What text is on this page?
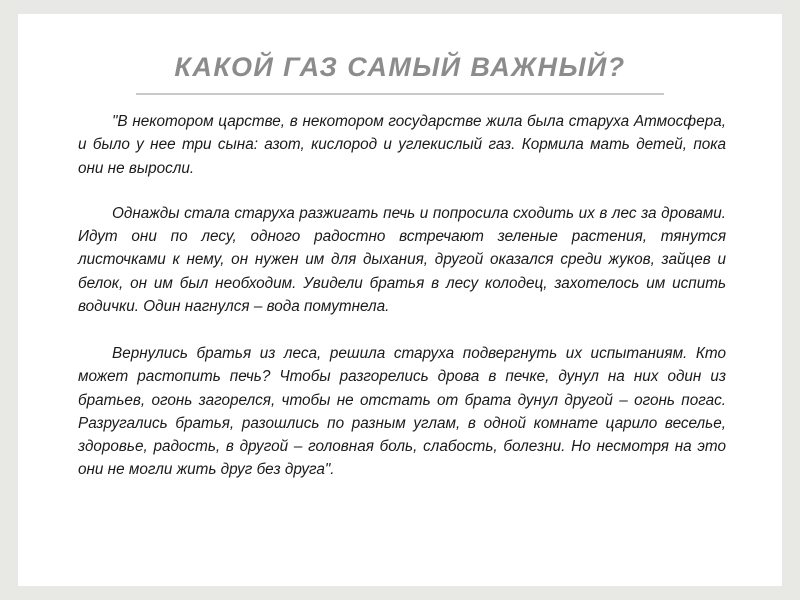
КАКОЙ ГАЗ САМЫЙ ВАЖНЫЙ?

"В некотором царстве, в некотором государстве жила была старуха Атмосфера, и было у нее три сына: азот, кислород и углекислый газ. Кормила мать детей, пока они не выросли.

Однажды стала старуха разжигать печь и попросила сходить их в лес за дровами. Идут они по лесу, одного радостно встречают зеленые растения, тянутся листочками к нему, он нужен им для дыхания, другой оказался среди жуков, зайцев и белок, он им был необходим. Увидели братья в лесу колодец, захотелось им испить водички. Один нагнулся – вода помутнела.

Вернулись братья из леса, решила старуха подвергнуть их испытаниям. Кто может растопить печь? Чтобы разгорелись дрова в печке, дунул на них один из братьев, огонь загорелся, чтобы не отстать от брата дунул другой – огонь погас. Разругались братья, разошлись по разным углам, в одной комнате царило веселье, здоровье, радость, в другой – головная боль, слабость, болезни. Но несмотря на это они не могли жить друг без друга".
